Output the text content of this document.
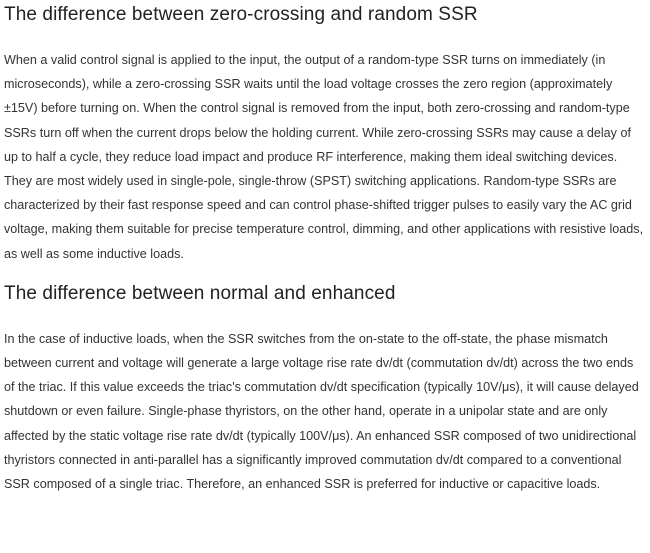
The difference between zero-crossing and random SSR

When a valid control signal is applied to the input, the output of a random-type SSR turns on immediately (in microseconds), while a zero-crossing SSR waits until the load voltage crosses the zero region (approximately ±15V) before turning on. When the control signal is removed from the input, both zero-crossing and random-type SSRs turn off when the current drops below the holding current. While zero-crossing SSRs may cause a delay of up to half a cycle, they reduce load impact and produce RF interference, making them ideal switching devices. They are most widely used in single-pole, single-throw (SPST) switching applications. Random-type SSRs are characterized by their fast response speed and can control phase-shifted trigger pulses to easily vary the AC grid voltage, making them suitable for precise temperature control, dimming, and other applications with resistive loads, as well as some inductive loads.

The difference between normal and enhanced

In the case of inductive loads, when the SSR switches from the on-state to the off-state, the phase mismatch between current and voltage will generate a large voltage rise rate dv/dt (commutation dv/dt) across the two ends of the triac. If this value exceeds the triac's commutation dv/dt specification (typically 10V/μs), it will cause delayed shutdown or even failure. Single-phase thyristors, on the other hand, operate in a unipolar state and are only affected by the static voltage rise rate dv/dt (typically 100V/μs). An enhanced SSR composed of two unidirectional thyristors connected in anti-parallel has a significantly improved commutation dv/dt compared to a conventional SSR composed of a single triac. Therefore, an enhanced SSR is preferred for inductive or capacitive loads.
